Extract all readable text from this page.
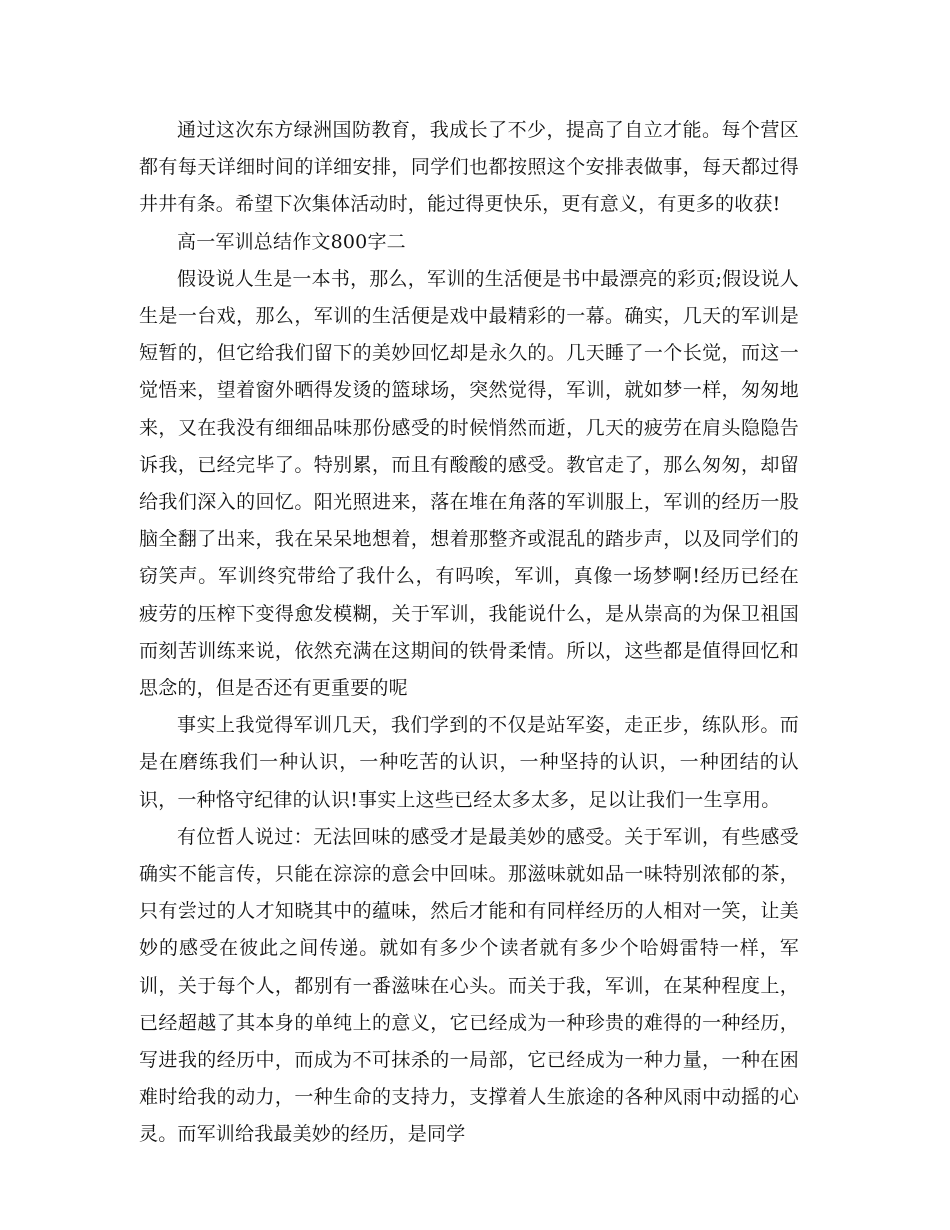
通过这次东方绿洲国防教育，我成长了不少，提高了自立才能。每个营区都有每天详细时间的详细安排，同学们也都按照这个安排表做事，每天都过得井井有条。希望下次集体活动时，能过得更快乐，更有意义，有更多的收获!

高一军训总结作文800字二

假设说人生是一本书，那么，军训的生活便是书中最漂亮的彩页;假设说人生是一台戏，那么，军训的生活便是戏中最精彩的一幕。确实，几天的军训是短暂的，但它给我们留下的美妙回忆却是永久的。几天睡了一个长觉，而这一觉悟来，望着窗外晒得发烫的篮球场，突然觉得，军训，就如梦一样，匆匆地来，又在我没有细细品味那份感受的时候悄然而逝，几天的疲劳在肩头隐隐告诉我，已经完毕了。特别累，而且有酸酸的感受。教官走了，那么匆匆，却留给我们深入的回忆。阳光照进来，落在堆在角落的军训服上，军训的经历一股脑全翻了出来，我在呆呆地想着，想着那整齐或混乱的踏步声，以及同学们的窃笑声。军训终究带给了我什么，有吗唉，军训，真像一场梦啊!经历已经在疲劳的压榨下变得愈发模糊，关于军训，我能说什么，是从崇高的为保卫祖国而刻苦训练来说，依然充满在这期间的铁骨柔情。所以，这些都是值得回忆和思念的，但是否还有更重要的呢

事实上我觉得军训几天，我们学到的不仅是站军姿，走正步，练队形。而是在磨练我们一种认识，一种吃苦的认识，一种坚持的认识，一种团结的认识，一种恪守纪律的认识!事实上这些已经太多太多，足以让我们一生享用。

有位哲人说过：无法回味的感受才是最美妙的感受。关于军训，有些感受确实不能言传，只能在淙淙的意会中回味。那滋味就如品一味特别浓郁的茶，只有尝过的人才知晓其中的蕴味，然后才能和有同样经历的人相对一笑，让美妙的感受在彼此之间传递。就如有多少个读者就有多少个哈姆雷特一样，军训，关于每个人，都别有一番滋味在心头。而关于我，军训，在某种程度上，已经超越了其本身的单纯上的意义，它已经成为一种珍贵的难得的一种经历，写进我的经历中，而成为不可抹杀的一局部，它已经成为一种力量，一种在困难时给我的动力，一种生命的支持力，支撑着人生旅途的各种风雨中动摇的心灵。而军训给我最美妙的经历，是同学
